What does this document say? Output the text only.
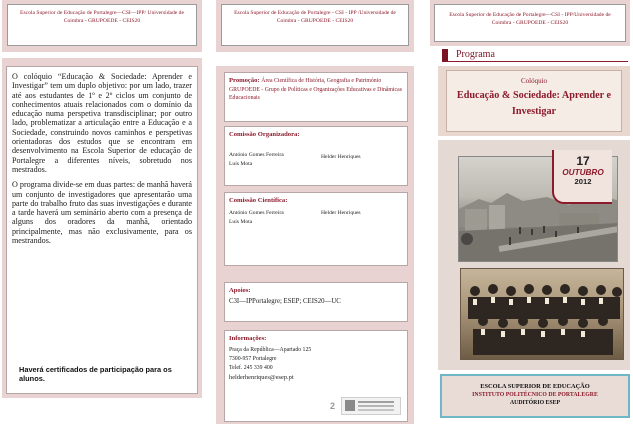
Escola Superior de Educação de Portalegre—CSI—IPP/ Universidade de Coimbra - GRUPOEDE - CEIS20

O colóquio “Educação & Sociedade: Aprender e Investigar” tem um duplo objetivo: por um lado, trazer até aos estudantes de 1º e 2º ciclos um conjunto de conhecimentos atuais relacionados com o domínio da educação numa perspetiva transdisciplinar; por outro lado, problematizar a articulação entre a Educação e a Sociedade, construindo novos caminhos e perspetivas orientadoras dos estudos que se encontram em desenvolvimento na Escola Superior de educação de Portalegre a diferentes níveis, sobretudo nos mestrados.

O programa divide-se em duas partes: de manhã haverá um conjunto de investigadores que apresentarão uma parte do trabalho fruto das suas investigações e durante a tarde haverá um seminário aberto com a presença de alguns dos oradores da manhã, orientado principalmente, mas não exclusivamente, para os mestrandos.

Haverá certificados de participação para os alunos.
Escola Superior de Educação de Portalegre - CSI - IPP /Universidade de Coimbra - GRUPOEDE - CEIS20
Promoção: Área Científica de História, Geografia e Património
GRUPOEDE - Grupo de Políticas e Organizações Educativas e Dinâmicas Educacionais
Comissão Organizadora:
António Gomes Ferreira
Luís Mota
Helder Henriques
Comissão Científica:
António Gomes Ferreira
Luís Mota
Helder Henriques
Apoios:
C3I—IPPortalegre; ESEP; CEIS20—UC
Informações:
Praça da República—Apartado 125
7300-957 Portalegre
Telef. 245 339 400
helderhenriques@esep.pt
2
Escola Superior de Educação de Portalegre—CSI - IPP/Universidade de Coimbra - GRUPOEDE - CEIS20
Programa
Colóquio
Educação & Sociedade: Aprender e Investigar
17
OUTUBRO
2012
ESCOLA SUPERIOR DE EDUCAÇÃO
INSTITUTO POLITÉCNICO DE PORTALEGRE
AUDITÓRIO ESEP
